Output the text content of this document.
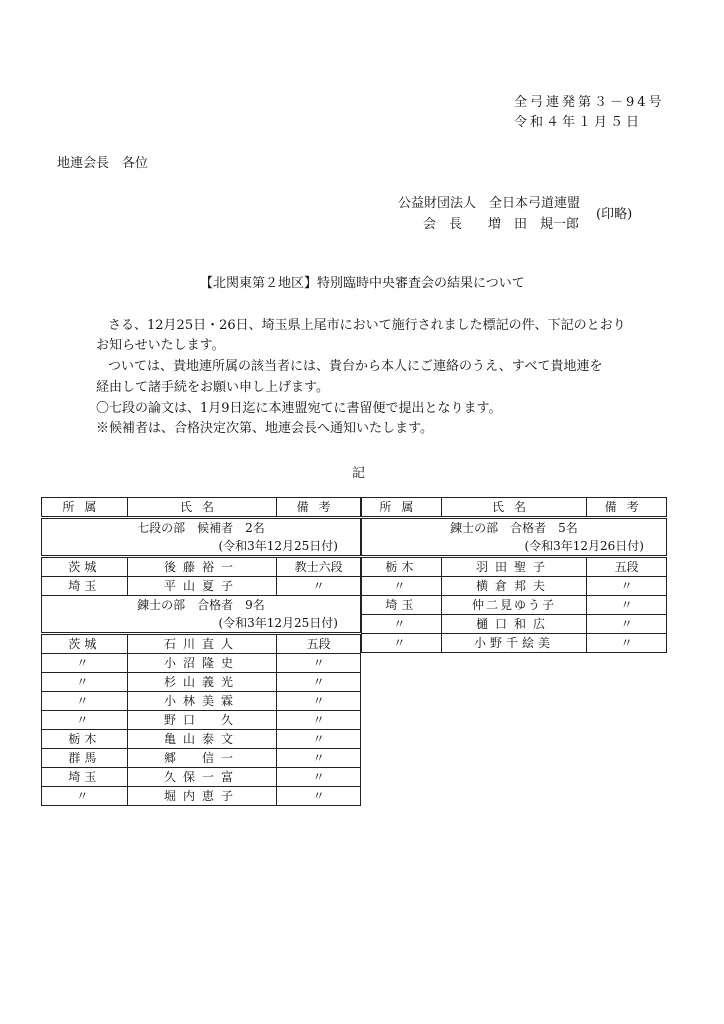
全弓連発第３－94号
令和４年１月５日
地連会長　各位
公益財団法人　全日本弓道連盟
会　長　　増　田　規一郎
(印略)
【北関東第２地区】特別臨時中央審査会の結果について
さる、12月25日・26日、埼玉県上尾市において施行されました標記の件、下記のとおり
お知らせいたします。
ついては、貴地連所属の該当者には、貴台から本人にご連絡のうえ、すべて貴地連を
経由して諸手続をお願い申し上げます。
〇七段の論文は、1月9日迄に本連盟宛てに書留便で提出となります。
※候補者は、合格決定次第、地連会長へ通知いたします。
記
所属	氏名	備考
七段の部　候補者　2名		
(令和3年12月25日付)		
茨城	後藤裕一	教士六段
埼玉	平山夏子	〃
錬士の部　合格者　9名		
(令和3年12月25日付)		
茨城	石川直人	五段
〃	小沼隆史	〃
〃	杉山義光	〃
〃	小林美霖	〃
〃	野口　久	〃
栃木	亀山泰文	〃
群馬	郷　信一	〃
埼玉	久保一富	〃
〃	堀内恵子	〃
所属	氏名	備考
錬士の部　合格者　5名		
(令和3年12月26日付)		
栃木	羽田聖子	五段
〃	横倉邦夫	〃
埼玉	仲二見ゆう子	〃
〃	樋口和広	〃
〃	小野千絵美	〃
